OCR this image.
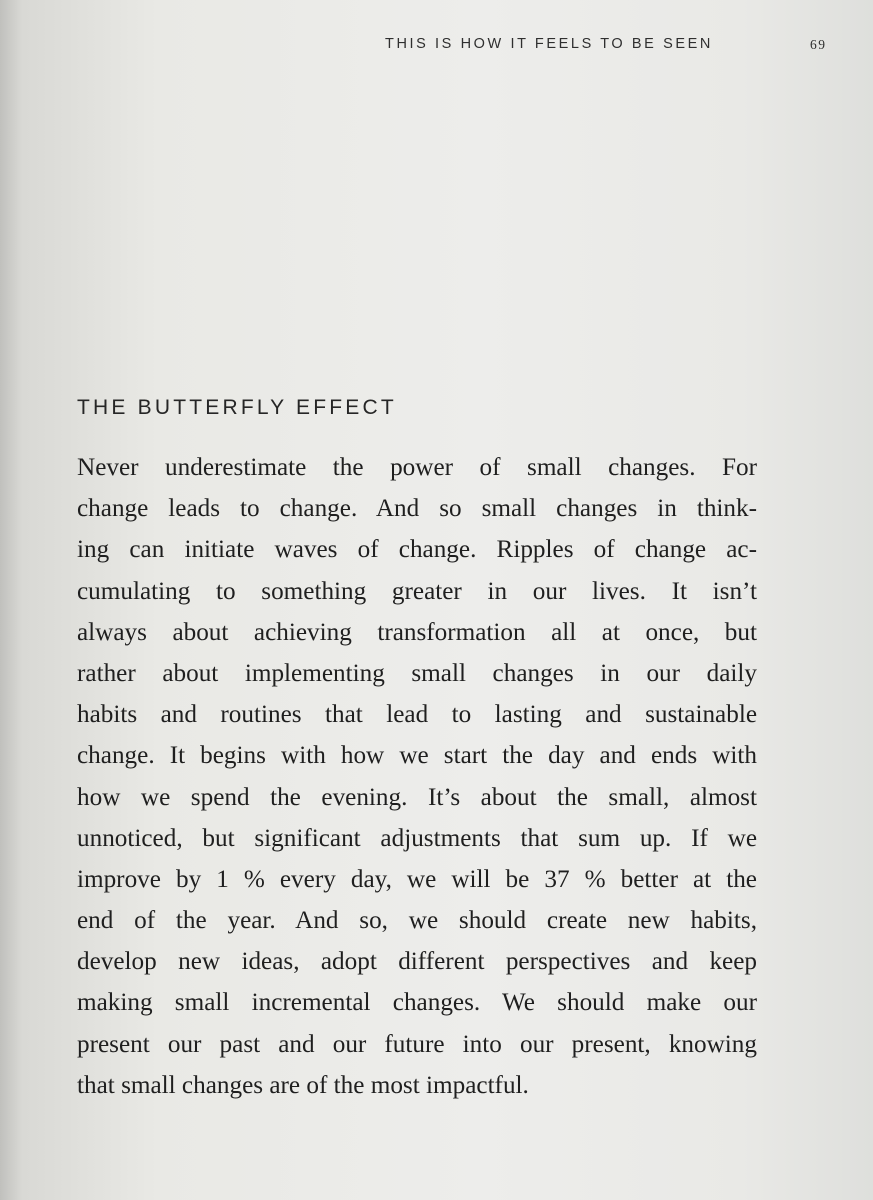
THIS IS HOW IT FEELS TO BE SEEN	69
THE BUTTERFLY EFFECT
Never underestimate the power of small changes. For
change leads to change. And so small changes in think-
ing can initiate waves of change. Ripples of change ac-
cumulating to something greater in our lives. It isn’t
always about achieving transformation all at once, but
rather about implementing small changes in our daily
habits and routines that lead to lasting and sustainable
change. It begins with how we start the day and ends with
how we spend the evening. It’s about the small, almost
unnoticed, but significant adjustments that sum up. If we
improve by 1 % every day, we will be 37 % better at the
end of the year. And so, we should create new habits,
develop new ideas, adopt different perspectives and keep
making small incremental changes. We should make our
present our past and our future into our present, knowing
that small changes are of the most impactful.
